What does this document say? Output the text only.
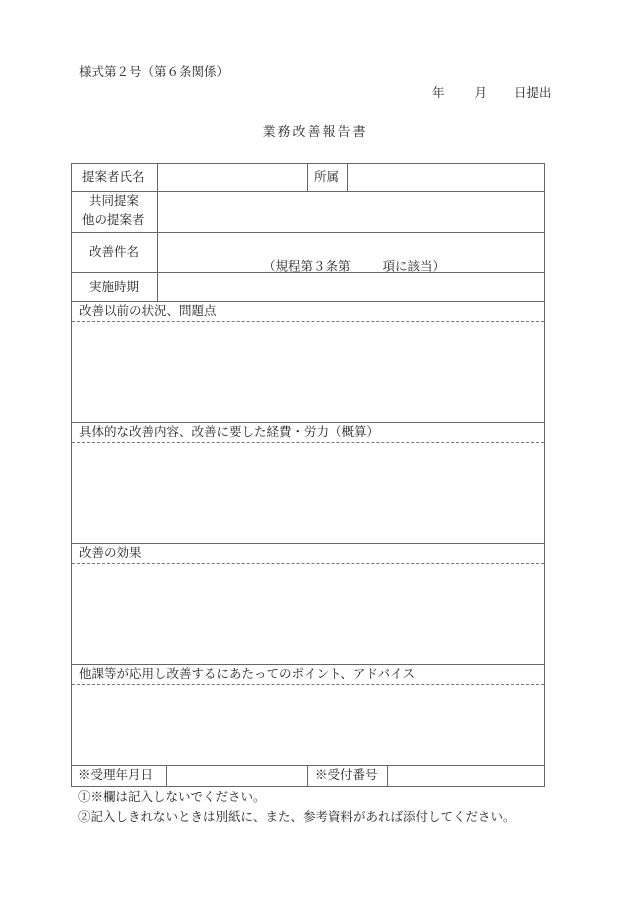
様式第２号（第６条関係）
年 月 日提出
業務改善報告書
提案者氏名	所属
共同提案
他の提案者
改善件名
（規程第３条第	項に該当）
実施時期
改善以前の状況、問題点
具体的な改善内容、改善に要した経費・労力（概算）
改善の効果
他課等が応用し改善するにあたってのポイント、アドバイス
※受理年月日	※受付番号
①※欄は記入しないでください。
②記入しきれないときは別紙に、また、参考資料があれば添付してください。
